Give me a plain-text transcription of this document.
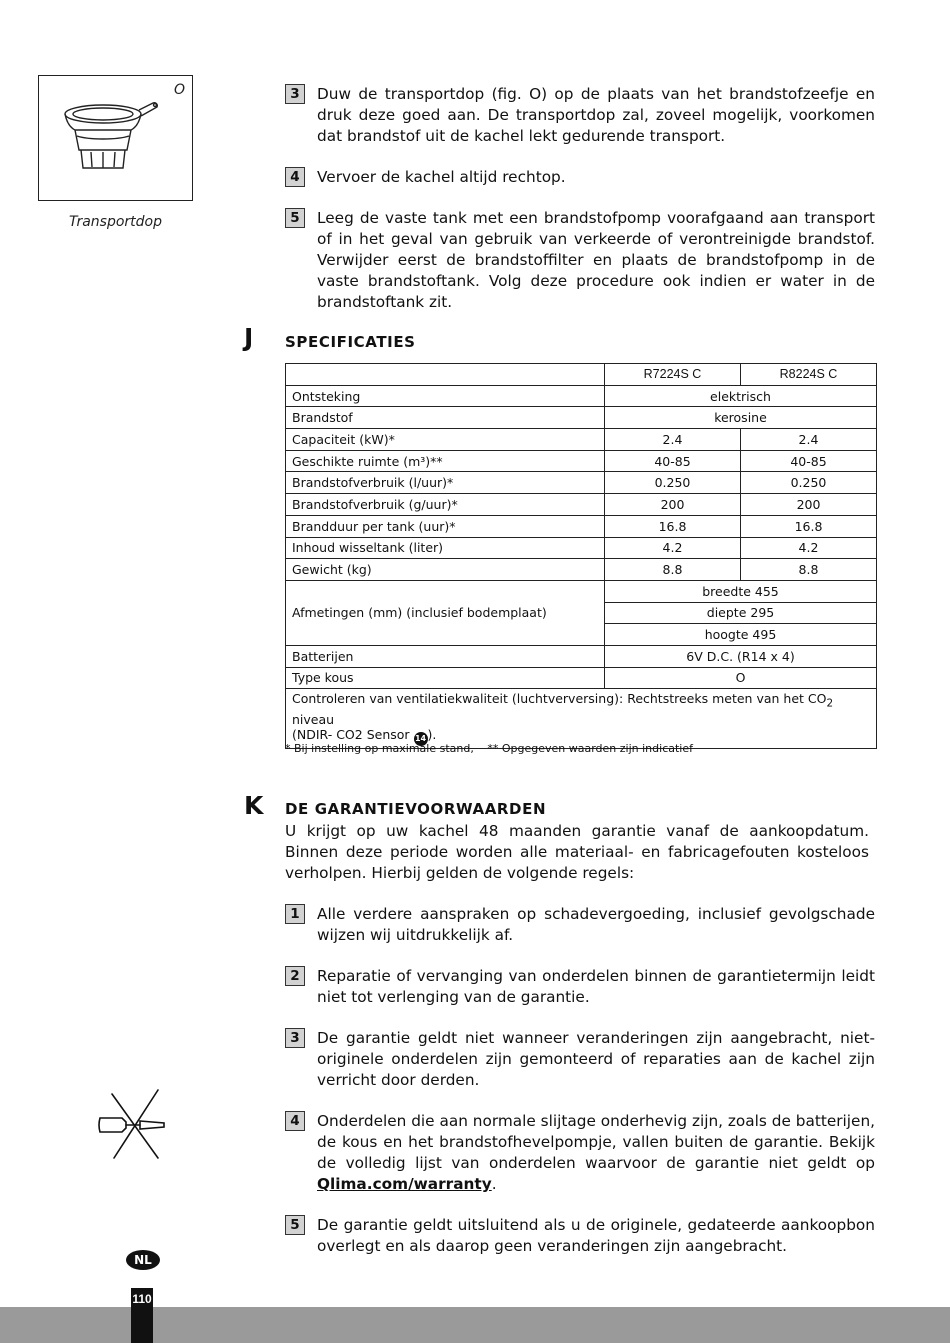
O
Transportdop
3	Duw de transportdop (fig. O) op de plaats van het brandstofzeefje en druk deze goed aan. De transportdop zal, zoveel mogelijk, voorkomen dat brandstof uit de kachel lekt gedurende transport.
4	Vervoer de kachel altijd rechtop.
5	Leeg de vaste tank met een brandstofpomp voorafgaand aan transport of in het geval van gebruik van verkeerde of verontreinigde brandstof. Verwijder eerst de brandstoffilter en plaats de brandstofpomp in de vaste brandstoftank. Volg deze procedure ook indien er water in de brandstoftank zit.
J SPECIFICATIES
	R7224S C	R8224S C
Ontsteking	elektrisch	
Brandstof	kerosine	
Capaciteit (kW)*	2.4	2.4
Geschikte ruimte (m³)**	40-85	40-85
Brandstofverbruik (l/uur)*	0.250	0.250
Brandstofverbruik (g/uur)*	200	200
Brandduur per tank (uur)*	16.8	16.8
Inhoud wisseltank (liter)	4.2	4.2
Gewicht (kg)	8.8	8.8
Afmetingen (mm) (inclusief bodemplaat)	breedte 455	
	diepte 295	
	hoogte 495	
Batterijen	6V D.C. (R14 x 4)	
Type kous	O	
Controleren van ventilatiekwaliteit (luchtverversing): Rechtstreeks meten van het $CO_2$ niveau
(NDIR- CO2 Sensor 14).		
* Bij instelling op maximale stand, ** Opgegeven waarden zijn indicatief
K DE GARANTIEVOORWAARDEN
U krijgt op uw kachel 48 maanden garantie vanaf de aankoopdatum. Binnen deze periode worden alle materiaal- en fabricagefouten kosteloos verholpen. Hierbij gelden de volgende regels:
1	Alle verdere aanspraken op schadevergoeding, inclusief gevolgschade wijzen wij uitdrukkelijk af.
2	Reparatie of vervanging van onderdelen binnen de garantietermijn leidt niet tot verlenging van de garantie.
3	De garantie geldt niet wanneer veranderingen zijn aangebracht, niet-originele onderdelen zijn gemonteerd of reparaties aan de kachel zijn verricht door derden.
4	Onderdelen die aan normale slijtage onderhevig zijn, zoals de batterijen, de kous en het brandstofhevelpompje, vallen buiten de garantie. Bekijk de volledig lijst van onderdelen waarvoor de garantie niet geldt op Qlima.com/warranty.
5	De garantie geldt uitsluitend als u de originele, gedateerde aankoopbon overlegt en als daarop geen veranderingen zijn aangebracht.
NL
110
